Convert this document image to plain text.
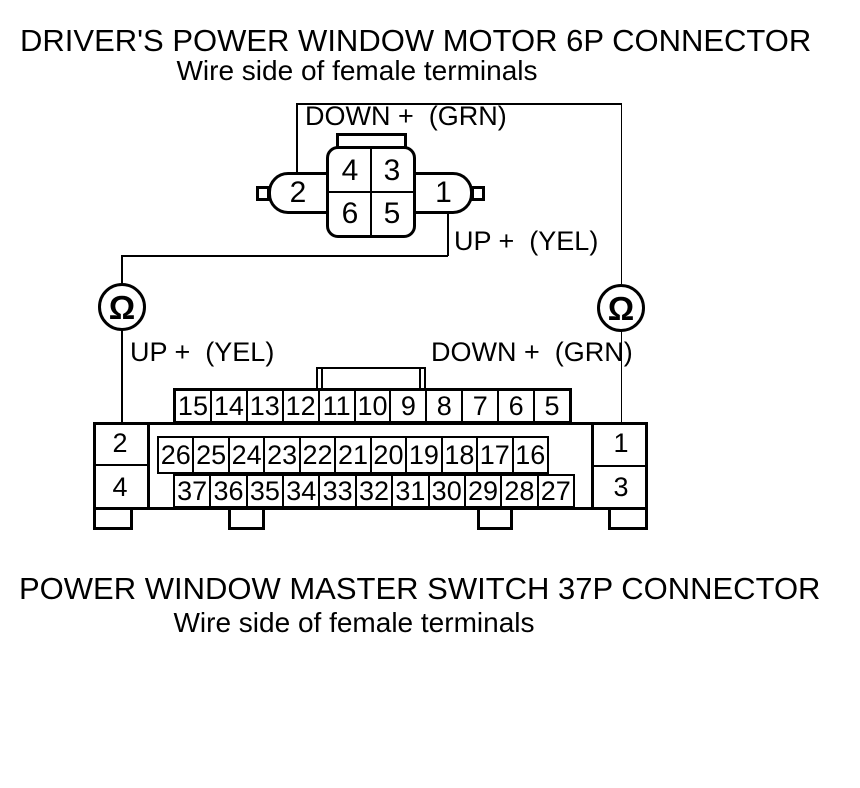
DRIVER'S POWER WINDOW MOTOR 6P CONNECTOR
Wire side of female terminals
4 3
6 5
2	1
DOWN +  (GRN)
UP +  (YEL)
UP +  (YEL)	DOWN +  (GRN)
Ω	Ω
15 14 13 12 11 10 9 8 7 6 5
26 25 24 23 22 21 20 19 18 17 16
37 36 35 34 33 32 31 30 29 28 27
2
4
1
3
POWER WINDOW MASTER SWITCH 37P CONNECTOR
Wire side of female terminals
